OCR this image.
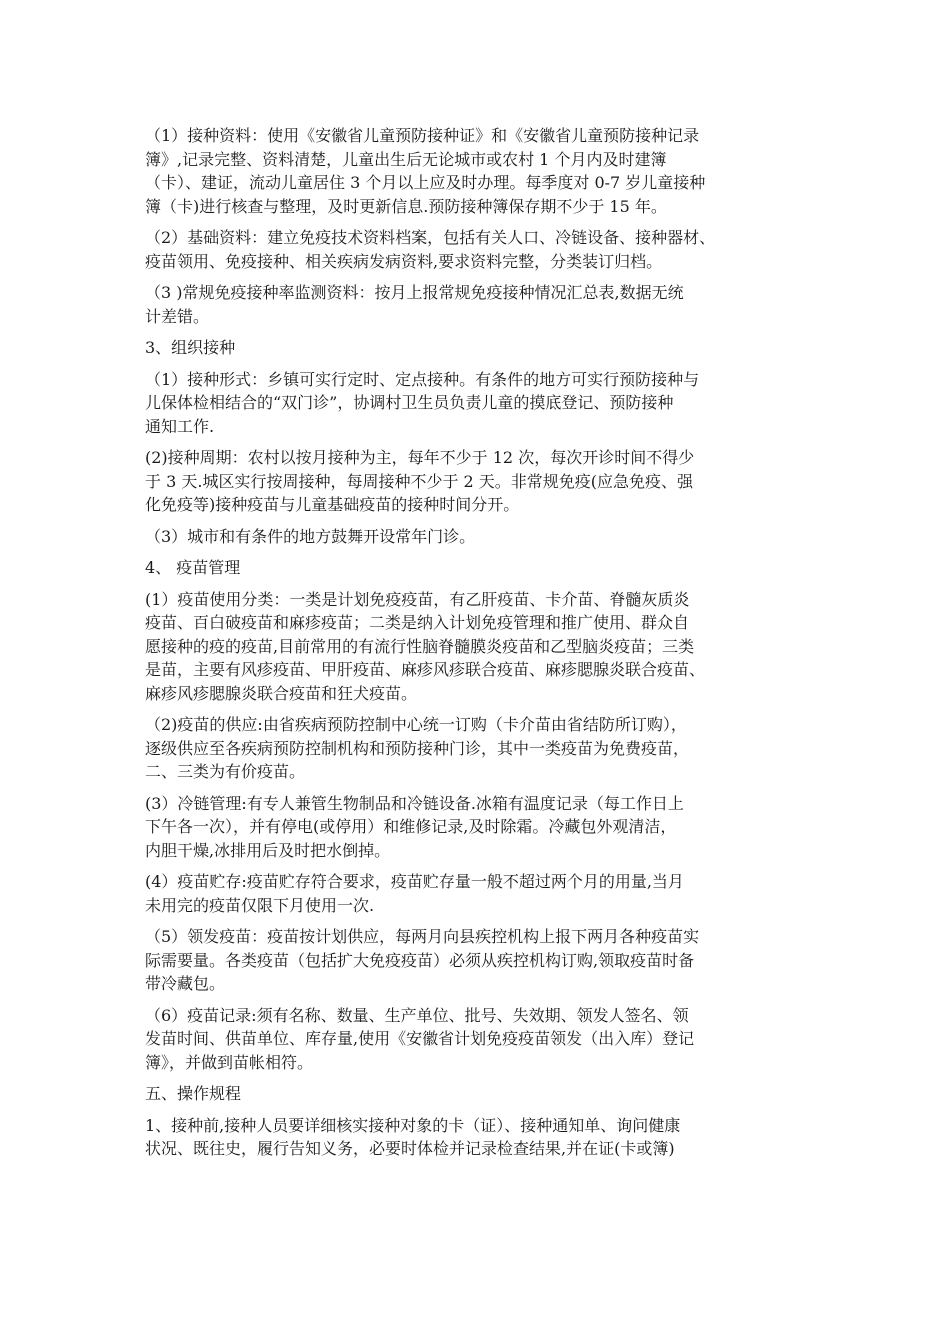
（1）接种资料：使用《安徽省儿童预防接种证》和《安徽省儿童预防接种记录
簿》,记录完整、资料清楚，儿童出生后无论城市或农村 1 个月内及时建簿
（卡）、建证，流动儿童居住 3 个月以上应及时办理。每季度对 0-7 岁儿童接种
簿（卡)进行核查与整理，及时更新信息.预防接种簿保存期不少于 15 年。
（2）基础资料：建立免疫技术资料档案，包括有关人口、冷链设备、接种器材、
疫苗领用、免疫接种、相关疾病发病资料,要求资料完整，分类装订归档。
（3 )常规免疫接种率监测资料：按月上报常规免疫接种情况汇总表,数据无统
计差错。
3、组织接种
（1）接种形式：乡镇可实行定时、定点接种。有条件的地方可实行预防接种与
儿保体检相结合的“双门诊”，协调村卫生员负责儿童的摸底登记、预防接种
通知工作.
(2)接种周期：农村以按月接种为主，每年不少于 12 次，每次开诊时间不得少
于 3 天.城区实行按周接种，每周接种不少于 2 天。非常规免疫(应急免疫、强
化免疫等)接种疫苗与儿童基础疫苗的接种时间分开。
（3）城市和有条件的地方鼓舞开设常年门诊。
4、 疫苗管理
(1）疫苗使用分类：一类是计划免疫疫苗，有乙肝疫苗、卡介苗、脊髓灰质炎
疫苗、百白破疫苗和麻疹疫苗；二类是纳入计划免疫管理和推广使用、群众自
愿接种的疫的疫苗,目前常用的有流行性脑脊髓膜炎疫苗和乙型脑炎疫苗；三类
是苗，主要有风疹疫苗、甲肝疫苗、麻疹风疹联合疫苗、麻疹腮腺炎联合疫苗、
麻疹风疹腮腺炎联合疫苗和狂犬疫苗。
（2)疫苗的供应:由省疾病预防控制中心统一订购（卡介苗由省结防所订购），
逐级供应至各疾病预防控制机构和预防接种门诊，其中一类疫苗为免费疫苗，
二、三类为有价疫苗。
(3）冷链管理:有专人兼管生物制品和冷链设备.冰箱有温度记录（每工作日上
下午各一次），并有停电(或停用）和维修记录,及时除霜。冷藏包外观清洁，
内胆干燥,冰排用后及时把水倒掉。
(4）疫苗贮存:疫苗贮存符合要求，疫苗贮存量一般不超过两个月的用量,当月
未用完的疫苗仅限下月使用一次.
（5）领发疫苗：疫苗按计划供应，每两月向县疾控机构上报下两月各种疫苗实
际需要量。各类疫苗（包括扩大免疫疫苗）必须从疾控机构订购,领取疫苗时备
带冷藏包。
（6）疫苗记录:须有名称、数量、生产单位、批号、失效期、领发人签名、领
发苗时间、供苗单位、库存量,使用《安徽省计划免疫疫苗领发（出入库）登记
簿》，并做到苗帐相符。
五、操作规程
1、接种前,接种人员要详细核实接种对象的卡（证）、接种通知单、询问健康
状况、既往史，履行告知义务，必要时体检并记录检查结果,并在证(卡或簿)
